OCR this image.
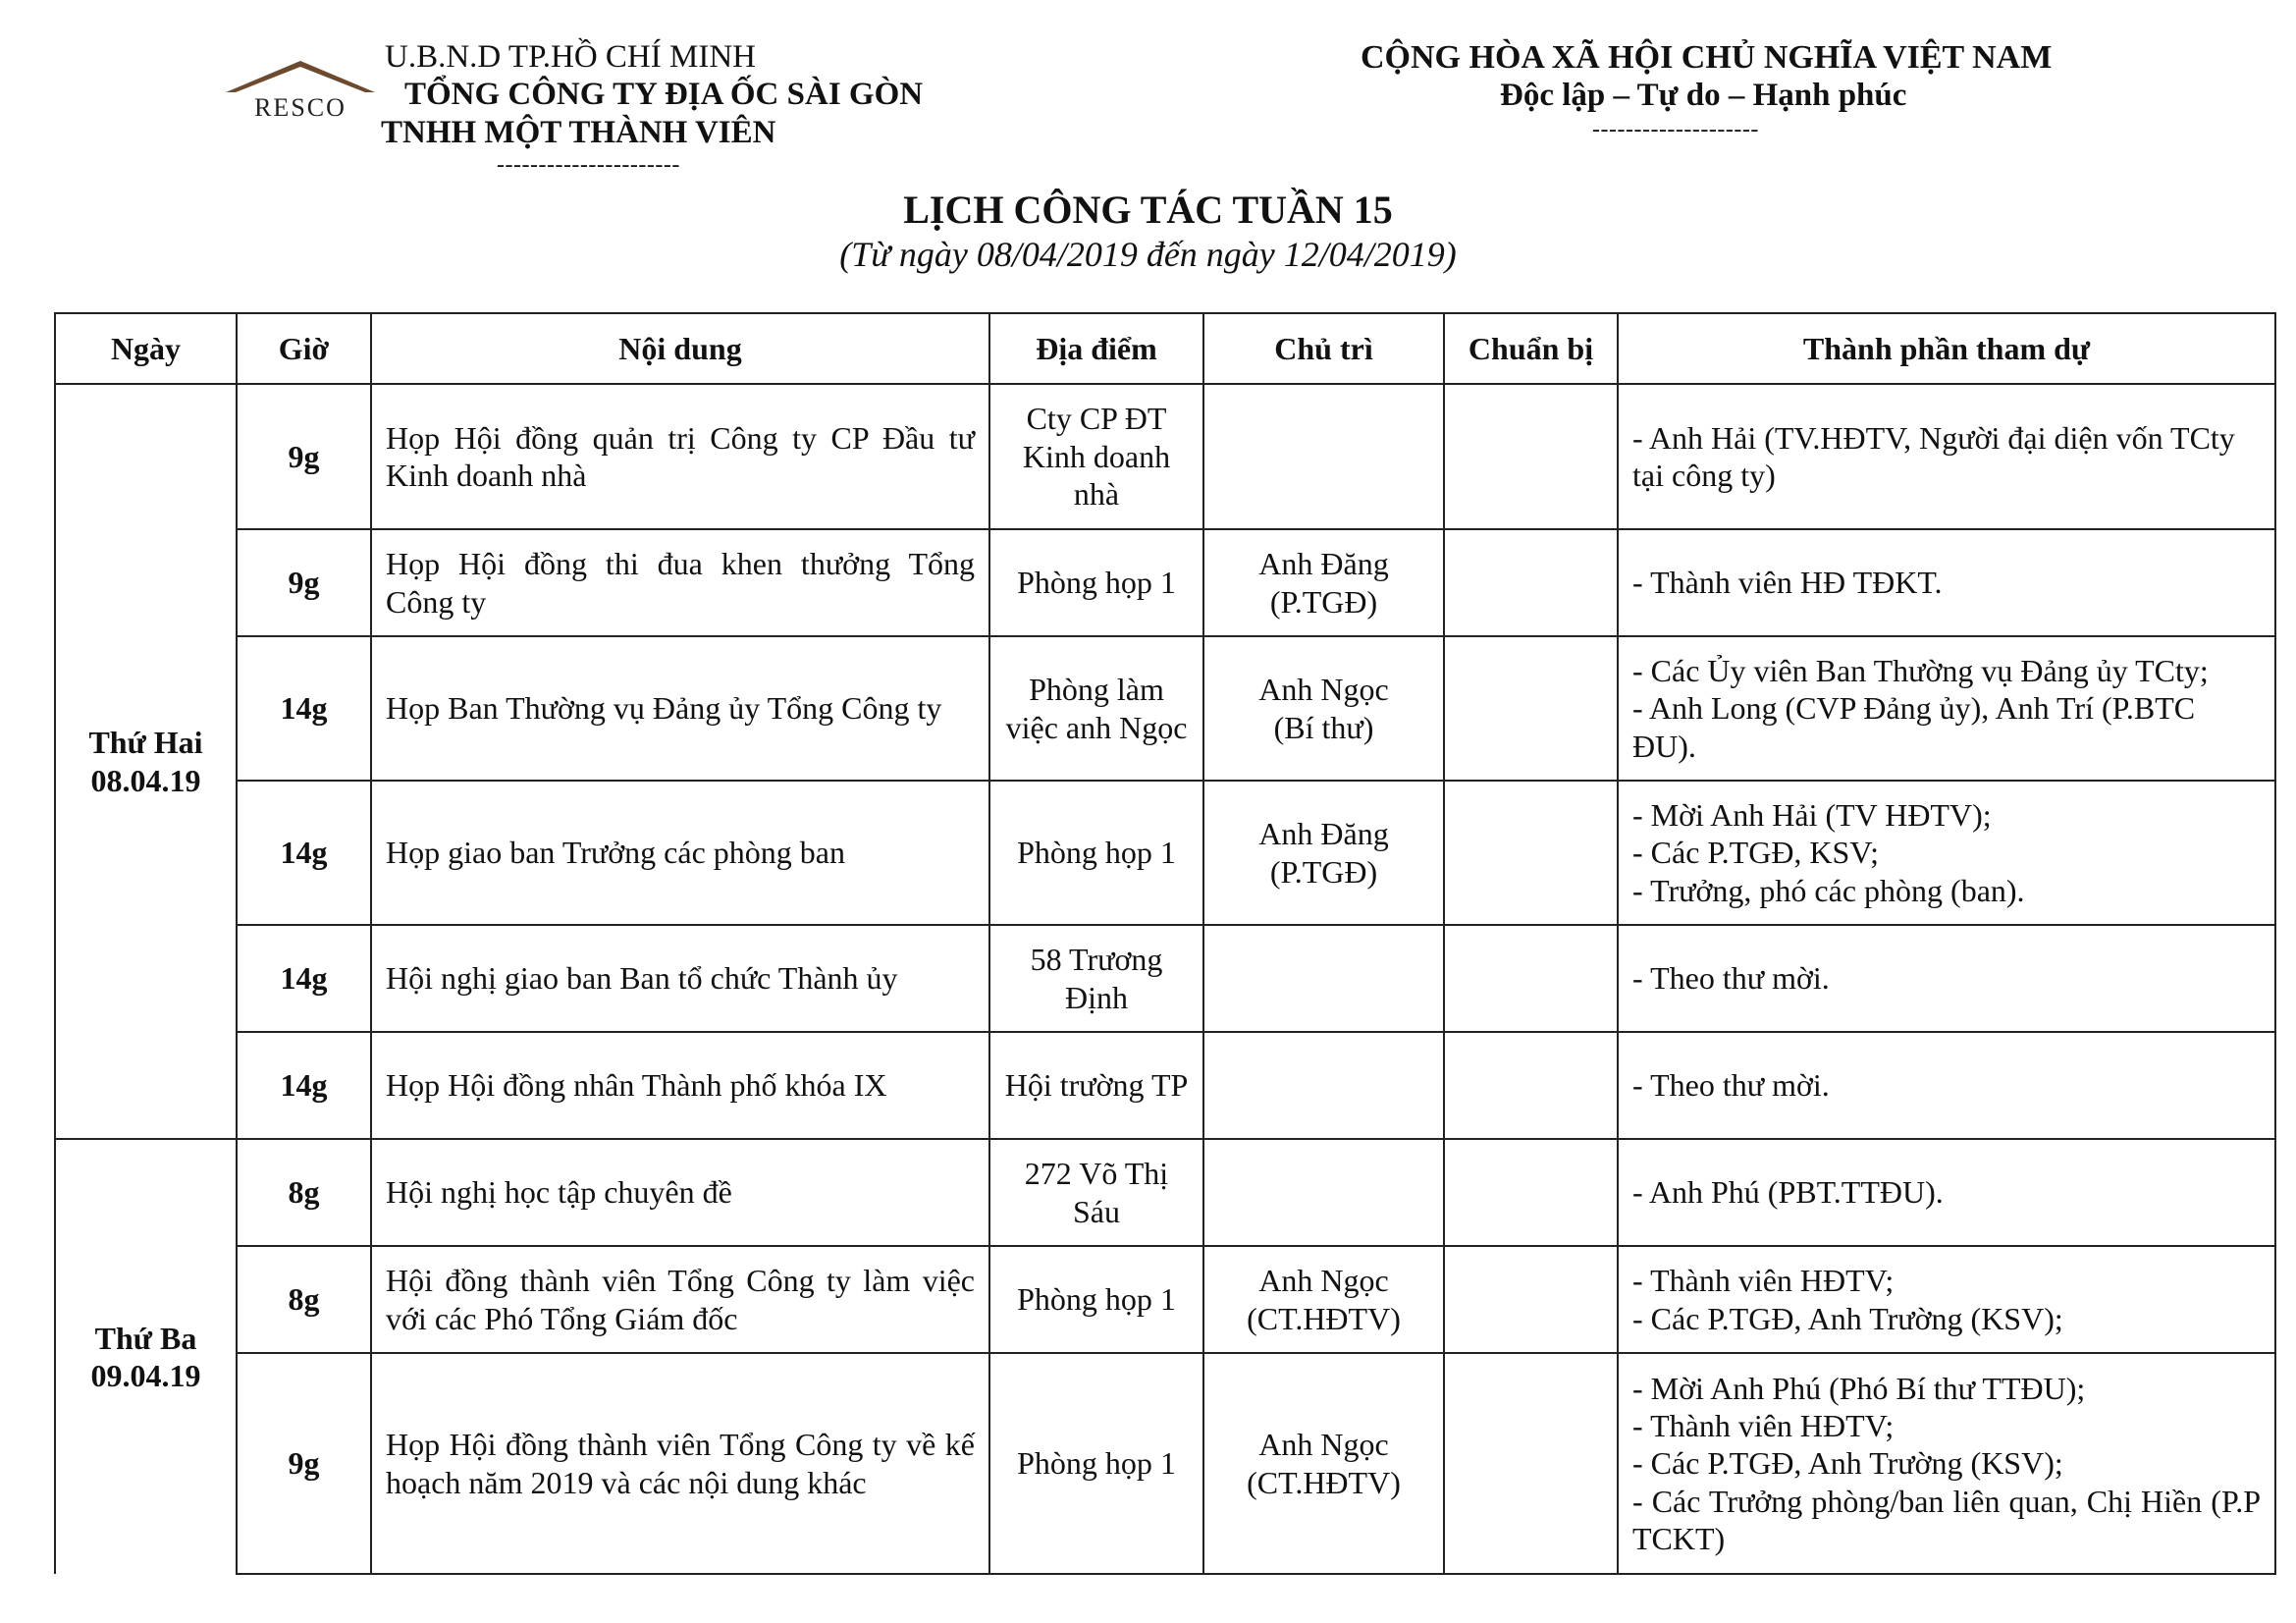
RESCO
U.B.N.D TP.HỒ CHÍ MINH
TỔNG CÔNG TY ĐỊA ỐC SÀI GÒN
TNHH MỘT THÀNH VIÊN
----------------------
CỘNG HÒA XÃ HỘI CHỦ NGHĨA VIỆT NAM
Độc lập – Tự do – Hạnh phúc
--------------------
LỊCH CÔNG TÁC TUẦN 15
(Từ ngày 08/04/2019 đến ngày 12/04/2019)
Ngày	Giờ	Nội dung	Địa điểm	Chủ trì	Chuẩn bị	Thành phần tham dự

Thứ Hai
08.04.19	9g	Họp Hội đồng quản trị Công ty CP Đầu tư Kinh doanh nhà	Cty CP ĐT Kinh doanh nhà			- Anh Hải (TV.HĐTV, Người đại diện vốn TCty tại công ty)

	9g	Họp Hội đồng thi đua khen thưởng Tổng Công ty	Phòng họp 1	Anh Đăng
(P.TGĐ)		- Thành viên HĐ TĐKT.

	14g	Họp Ban Thường vụ Đảng ủy Tổng Công ty	Phòng làm việc anh Ngọc	Anh Ngọc
(Bí thư)		- Các Ủy viên Ban Thường vụ Đảng ủy TCty;
- Anh Long (CVP Đảng ủy), Anh Trí (P.BTC ĐU).

	14g	Họp giao ban Trưởng các phòng ban	Phòng họp 1	Anh Đăng
(P.TGĐ)		- Mời Anh Hải (TV HĐTV);
- Các P.TGĐ, KSV;
- Trưởng, phó các phòng (ban).

	14g	Hội nghị giao ban Ban tổ chức Thành ủy	58 Trương Định			- Theo thư mời.

	14g	Họp Hội đồng nhân Thành phố khóa IX	Hội trường TP			- Theo thư mời.

Thứ Ba
09.04.19	8g	Hội nghị học tập chuyên đề	272 Võ Thị Sáu			- Anh Phú (PBT.TTĐU).

	8g	Hội đồng thành viên Tổng Công ty làm việc với các Phó Tổng Giám đốc	Phòng họp 1	Anh Ngọc
(CT.HĐTV)		- Thành viên HĐTV;
- Các P.TGĐ, Anh Trường (KSV);

	9g	Họp Hội đồng thành viên Tổng Công ty về kế hoạch năm 2019 và các nội dung khác	Phòng họp 1	Anh Ngọc
(CT.HĐTV)		- Mời Anh Phú (Phó Bí thư TTĐU);
- Thành viên HĐTV;
- Các P.TGĐ, Anh Trường (KSV);
- Các Trưởng phòng/ban liên quan, Chị Hiền (P.P TCKT)
